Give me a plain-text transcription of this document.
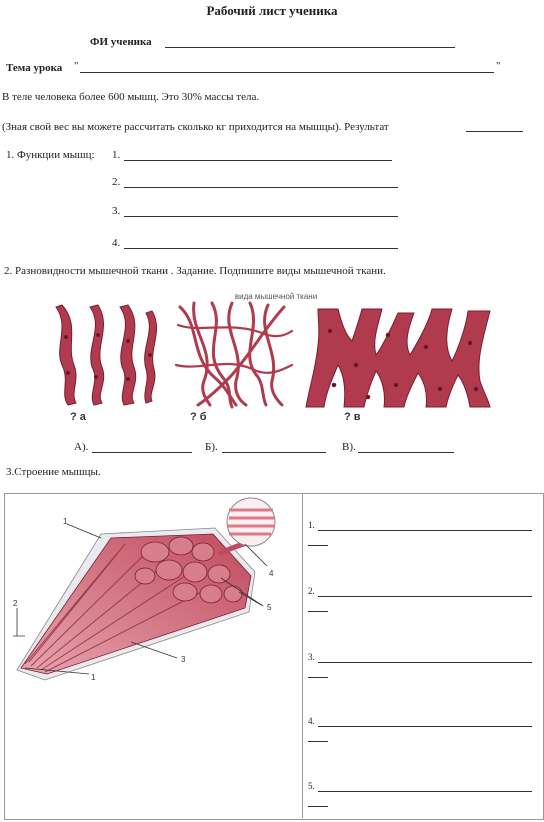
Рабочий лист ученика
ФИ ученика
Тема урока "	"
В теле человека более 600 мышц. Это 30% массы тела.
(Зная свой вес вы можете рассчитать сколько кг приходится на мышцы). Результат
1. Функции мышц: 1.
2.
3.
4.
2. Разновидности мышечной ткани . Задание. Подпишите виды мышечной ткани.
вида мышечной ткани
? а	? б	? в
А).	Б).	В).
3.Строение мышцы.
1
2
3
4
5
1
1.
2.
3.
4.
5.
